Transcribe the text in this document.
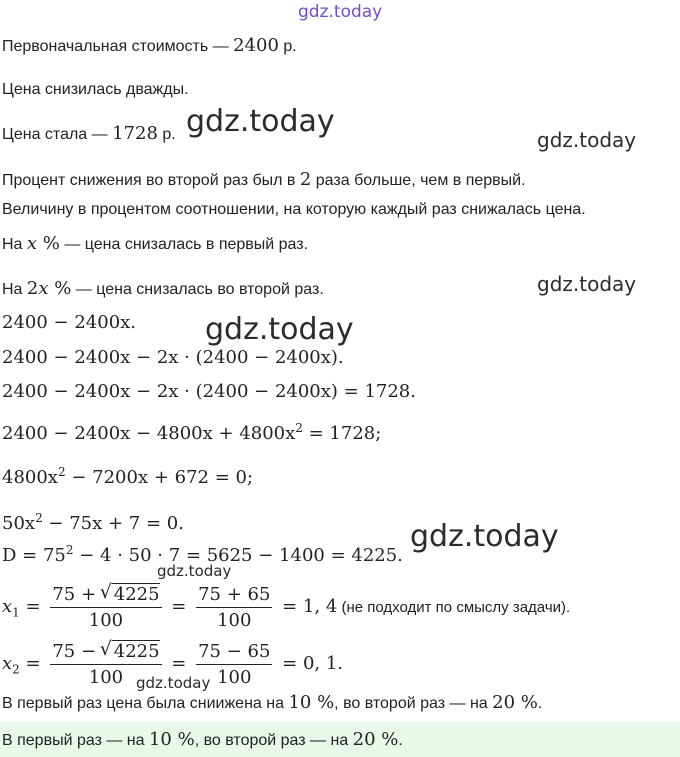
gdz.today
gdz.today
gdz.today
gdz.today
gdz.today
gdz.today
gdz.today
gdz.today
Первоначальная стоимость — 2400 р.
Цена снизилась дважды.
Цена стала — 1728 р.
Процент снижения во второй раз был в 2 раза больше, чем в первый.
Величину в процентом соотношении, на которую каждый раз снижалась цена.
На x % — цена снизалась в первый раз.
На 2x % — цена снизалась во второй раз.
2400 − 2400x.
2400 − 2400x − 2x · (2400 − 2400x).
2400 − 2400x − 2x · (2400 − 2400x) = 1728.
$2400 - 2400x - 4800x + 4800x^2 = 1728$;
$4800x^2 - 7200x + 672 = 0$;
$50x^2 - 75x + 7 = 0$.
$D = 75^2 - 4 \cdot 50 \cdot 7 = 5625 - 1400 = 4225$.
$x_1 = \frac{75 + √ 4225}{100} = \frac{75 + 65}{100} = 1$, 4 (не подходит по смыслу задачи).
$x_2 = \frac{75 - √ 4225}{100} = \frac{75 - 65}{100} = 0$, 1.
В первый раз цена была сниижена на 10 %, во второй раз — на 20 %.
В первый раз — на 10 %, во второй раз — на 20 %.
